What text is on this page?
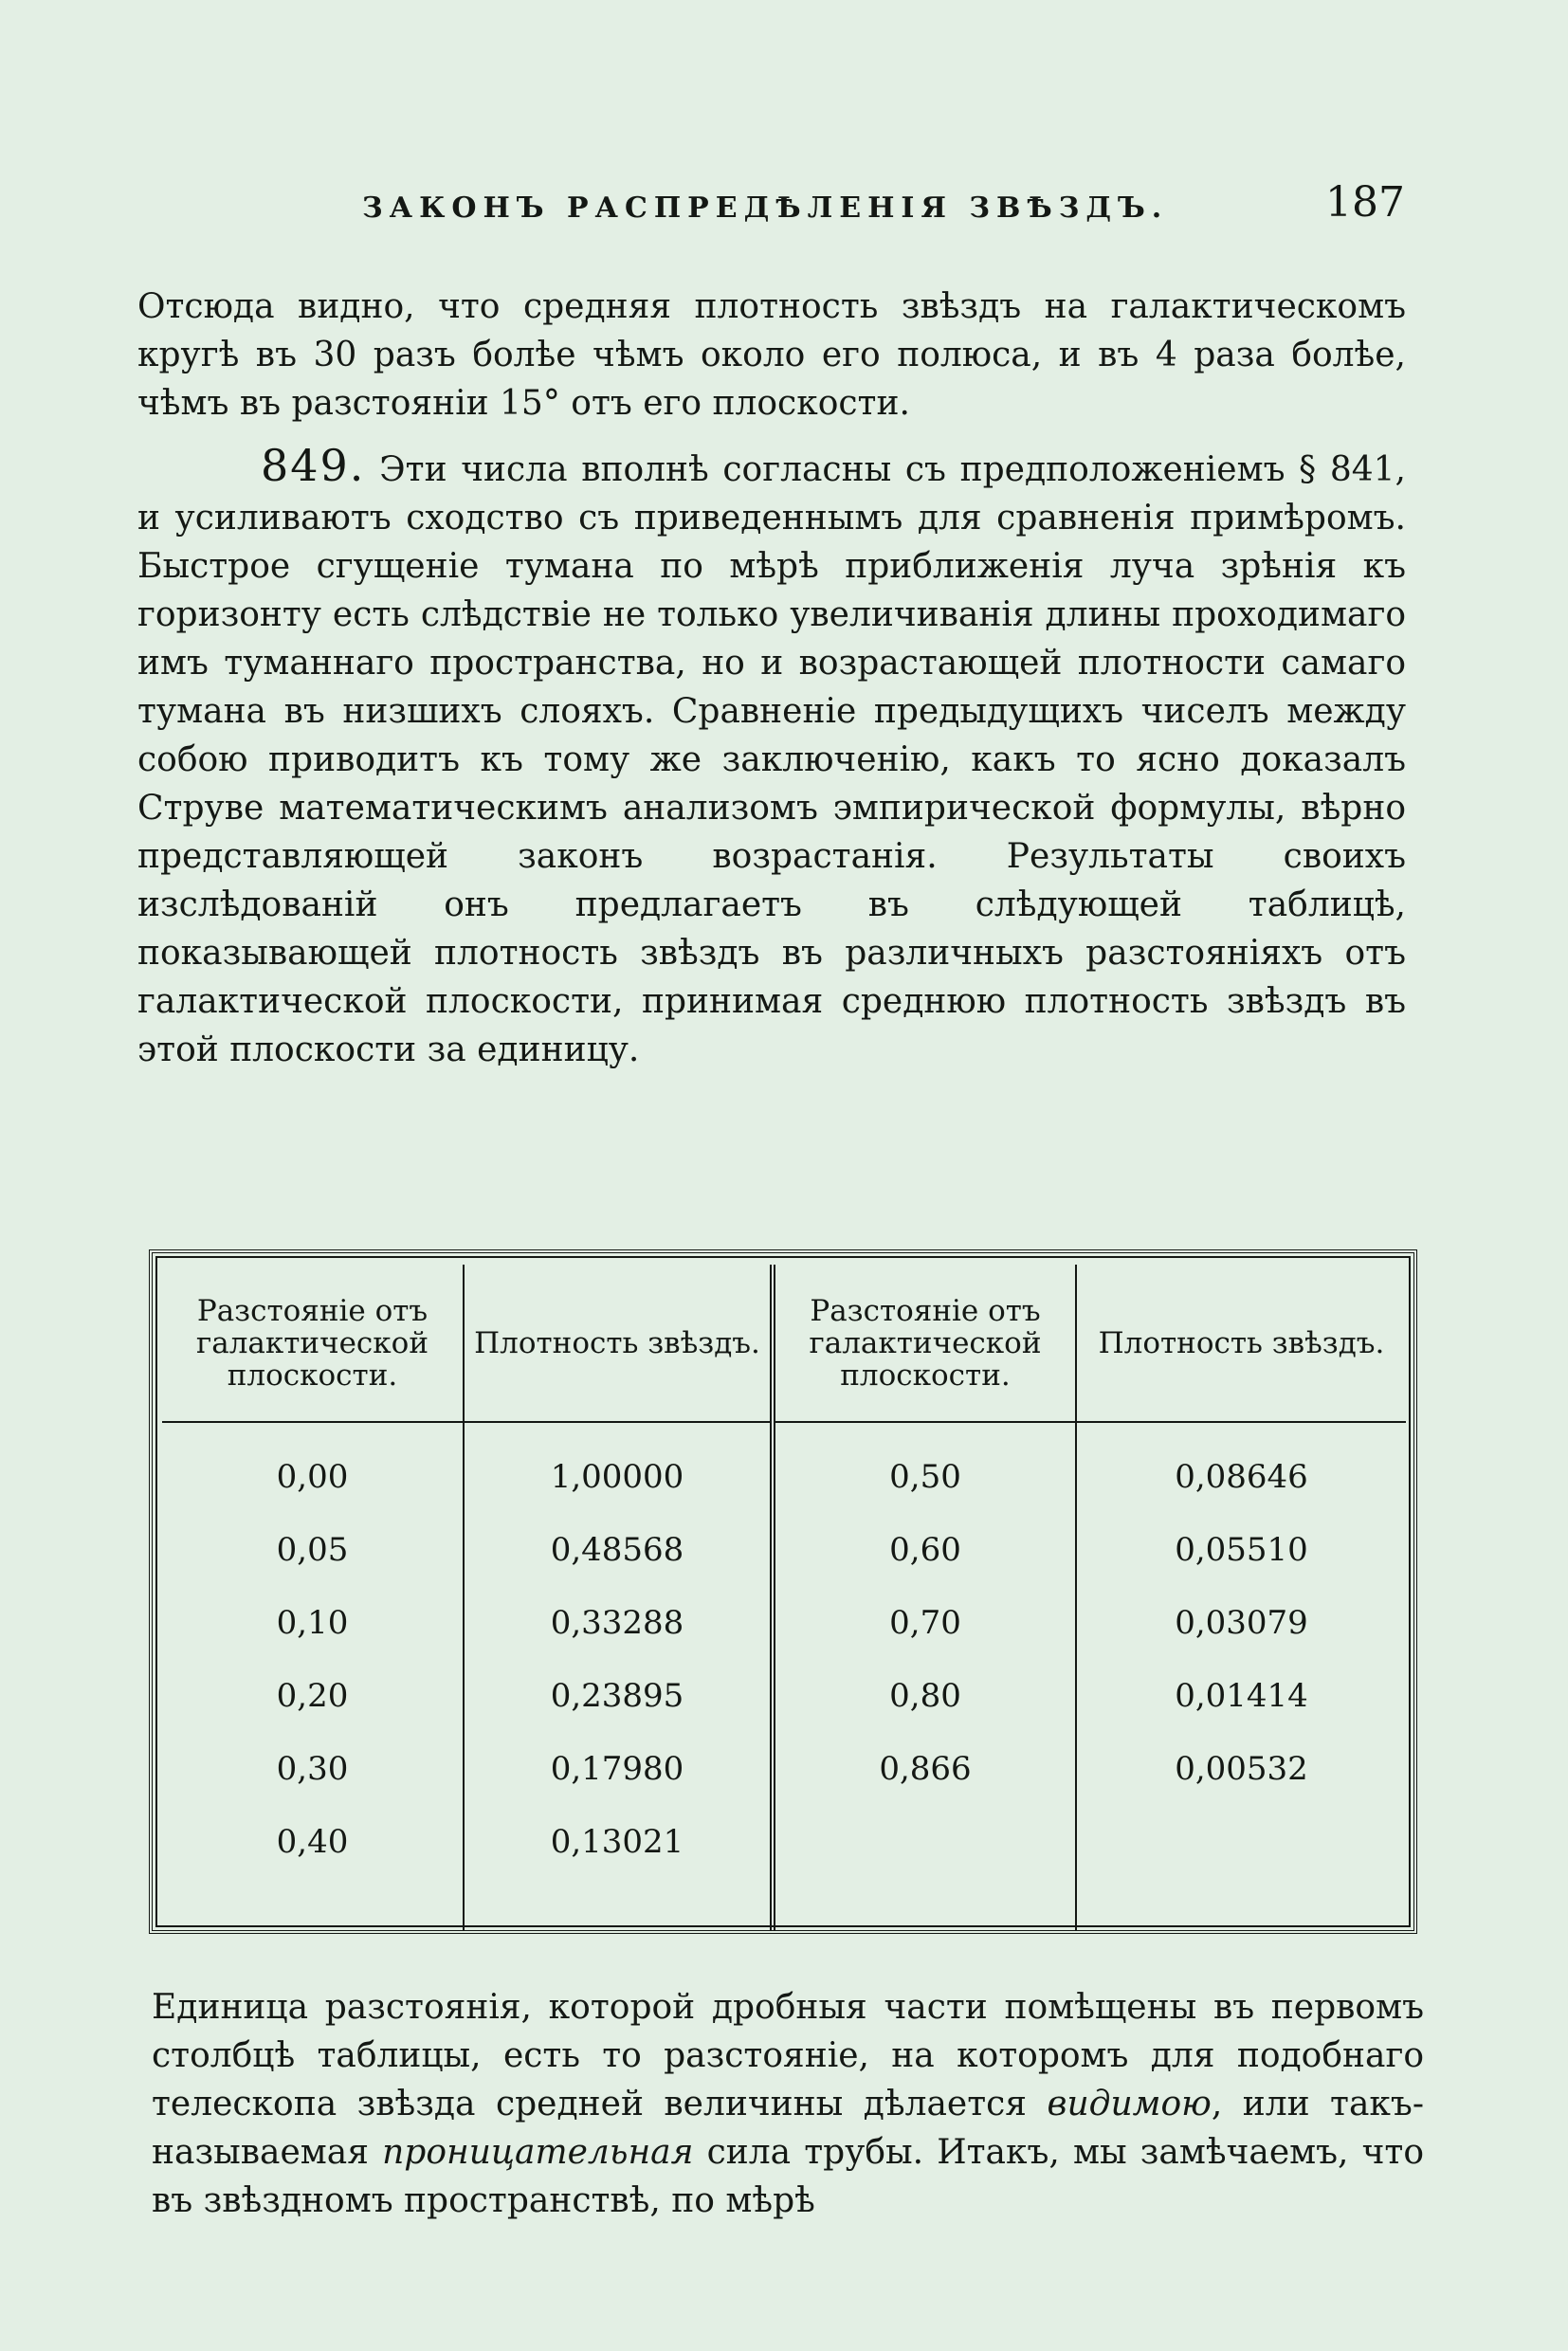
ЗАКОНЪ РАСПРЕДѢЛЕНІЯ ЗВѢЗДЪ.	187

Отсюда видно, что средняя плотность звѣздъ на галактическомъ кругѣ въ 30 разъ болѣе чѣмъ около его полюса, и въ 4 раза болѣе, чѣмъ въ разстояніи 15° отъ его плоскости.

849. Эти числа вполнѣ согласны съ предположеніемъ § 841, и усиливаютъ сходство съ приведеннымъ для сравненія примѣромъ. Быстрое сгущеніе тумана по мѣрѣ приближенія луча зрѣнія къ горизонту есть слѣдствіе не только увеличиванія длины проходимаго имъ туманнаго пространства, но и возрастающей плотности самаго тумана въ низшихъ слояхъ. Сравненіе предыдущихъ чиселъ между собою приводитъ къ тому же заключенію, какъ то ясно доказалъ Струве математическимъ анализомъ эмпирической формулы, вѣрно представляющей законъ возрастанія. Результаты своихъ изслѣдованій онъ предлагаетъ въ слѣдующей таблицѣ, показывающей плотность звѣздъ въ различныхъ разстояніяхъ отъ галактической плоскости, принимая среднюю плотность звѣздъ въ этой плоскости за единицу.

Разстояніе отъ галактической плоскости.	Плотность звѣздъ.	Разстояніе отъ галактической плоскости.	Плотность звѣздъ.

0,00	1,00000	0,50	0,08646
0,05	0,48568	0,60	0,05510
0,10	0,33288	0,70	0,03079
0,20	0,23895	0,80	0,01414
0,30	0,17980	0,866	0,00532
0,40	0,13021		

Единица разстоянія, которой дробныя части помѣщены въ первомъ столбцѣ таблицы, есть то разстояніе, на которомъ для подобнаго телескопа звѣзда средней величины дѣлается видимою, или такъ-называемая проницательная сила трубы. Итакъ, мы замѣчаемъ, что въ звѣздномъ пространствѣ, по мѣрѣ
